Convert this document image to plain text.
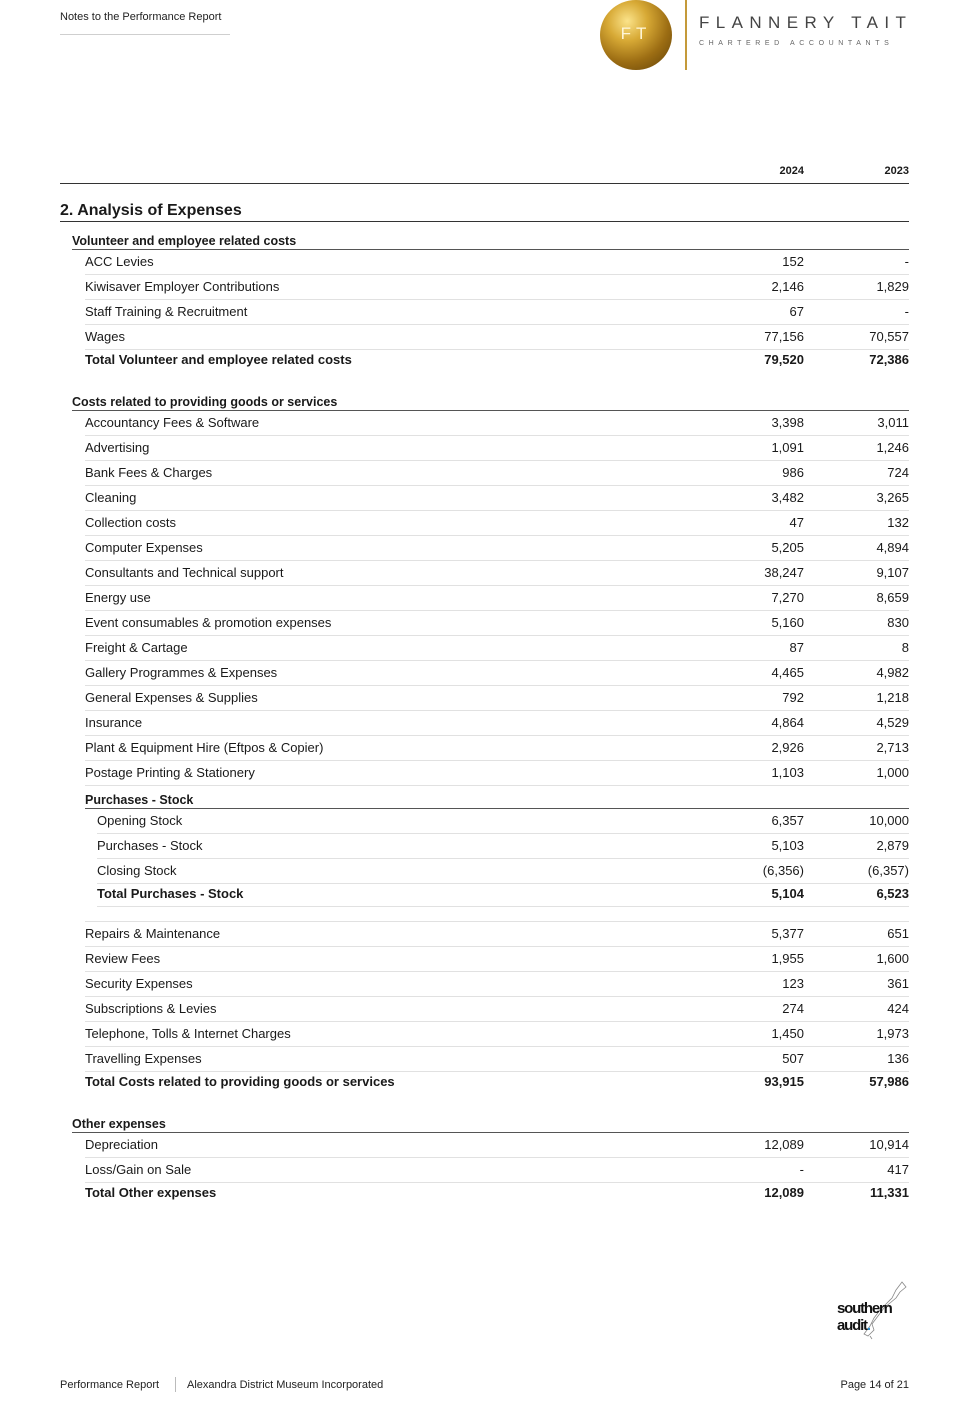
Notes to the Performance Report
FT
FLANNERY TAIT
CHARTERED ACCOUNTANTS
2024	2023
2. Analysis of Expenses
Volunteer and employee related costs
ACC Levies	152	-
Kiwisaver Employer Contributions	2,146	1,829
Staff Training & Recruitment	67	-
Wages	77,156	70,557
Total Volunteer and employee related costs	79,520	72,386
Costs related to providing goods or services
Accountancy Fees & Software	3,398	3,011
Advertising	1,091	1,246
Bank Fees & Charges	986	724
Cleaning	3,482	3,265
Collection costs	47	132
Computer Expenses	5,205	4,894
Consultants and Technical support	38,247	9,107
Energy use	7,270	8,659
Event consumables & promotion expenses	5,160	830
Freight & Cartage	87	8
Gallery Programmes & Expenses	4,465	4,982
General Expenses & Supplies	792	1,218
Insurance	4,864	4,529
Plant & Equipment Hire (Eftpos & Copier)	2,926	2,713
Postage Printing & Stationery	1,103	1,000
Purchases - Stock
Opening Stock	6,357	10,000
Purchases - Stock	5,103	2,879
Closing Stock	(6,356)	(6,357)
Total Purchases - Stock	5,104	6,523
Repairs & Maintenance	5,377	651
Review Fees	1,955	1,600
Security Expenses	123	361
Subscriptions & Levies	274	424
Telephone, Tolls & Internet Charges	1,450	1,973
Travelling Expenses	507	136
Total Costs related to providing goods or services	93,915	57,986
Other expenses
Depreciation	12,089	10,914
Loss/Gain on Sale	-	417
Total Other expenses	12,089	11,331
southern audit.
Performance Report	Alexandra District Museum Incorporated	Page 14 of 21
